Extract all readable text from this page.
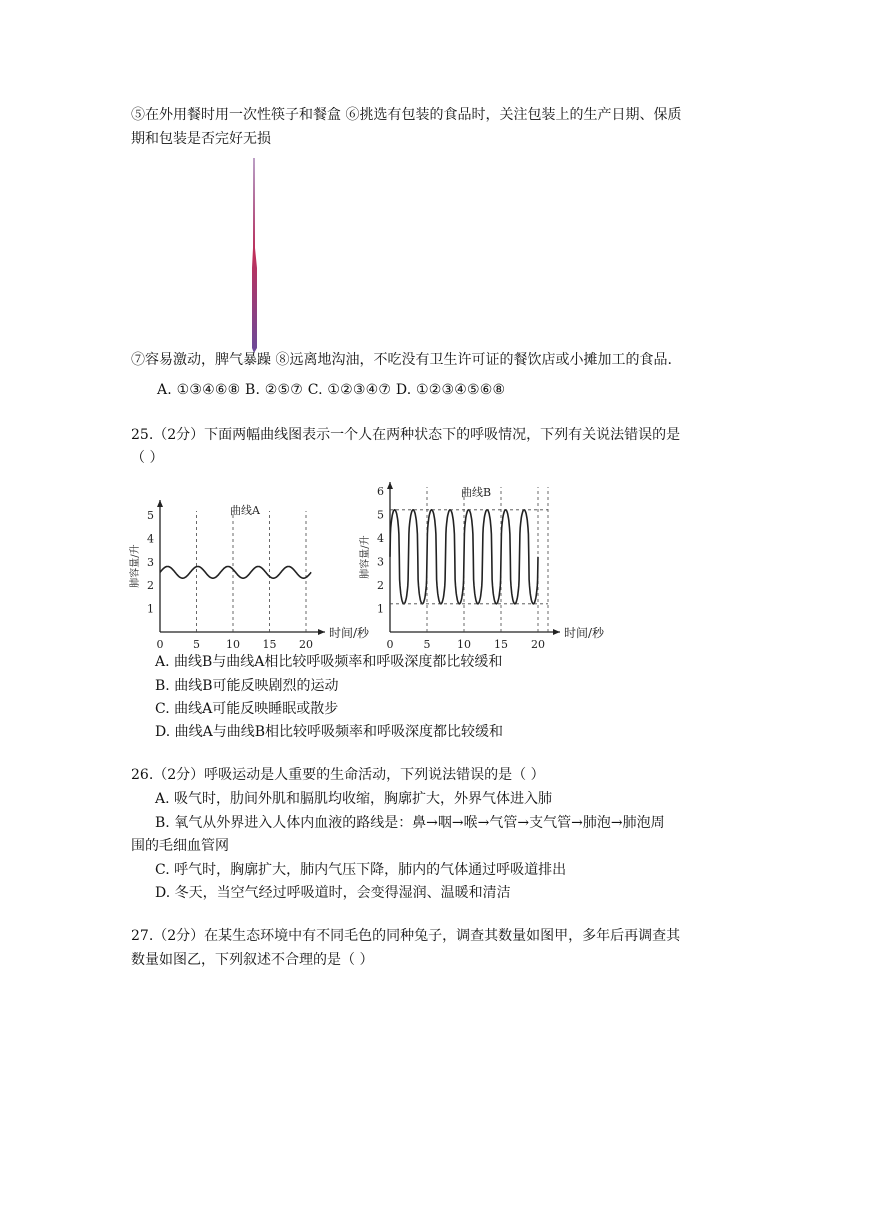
⑤在外用餐时用一次性筷子和餐盒 ⑥挑选有包装的食品时，关注包装上的生产日期、保质
期和包装是否完好无损
⑦容易激动，脾气暴躁 ⑧远离地沟油，不吃没有卫生许可证的餐饮店或小摊加工的食品.
A. ①③④⑥⑧ B. ②⑤⑦ C. ①②③④⑦ D. ①②③④⑤⑥⑧
25.（2分）下面两幅曲线图表示一个人在两种状态下的呼吸情况，下列有关说法错误的是
（ ）
曲线A
肺容量/升
时间/秒
0	5 10 15 20
1
2
3
4
5
曲线B
肺容量/升
时间/秒
0	5 10 15 20
1
2
3
4
5
6
A. 曲线B与曲线A相比较呼吸频率和呼吸深度都比较缓和
B. 曲线B可能反映剧烈的运动
C. 曲线A可能反映睡眠或散步
D. 曲线A与曲线B相比较呼吸频率和呼吸深度都比较缓和
26.（2分）呼吸运动是人重要的生命活动，下列说法错误的是（ ）
A. 吸气时，肋间外肌和膈肌均收缩，胸廓扩大，外界气体进入肺
B. 氧气从外界进入人体内血液的路线是：鼻→咽→喉→气管→支气管→肺泡→肺泡周
围的毛细血管网
C. 呼气时，胸廓扩大，肺内气压下降，肺内的气体通过呼吸道排出
D. 冬天，当空气经过呼吸道时，会变得湿润、温暖和清洁
27.（2分）在某生态环境中有不同毛色的同种兔子，调查其数量如图甲，多年后再调查其
数量如图乙，下列叙述不合理的是（ ）
